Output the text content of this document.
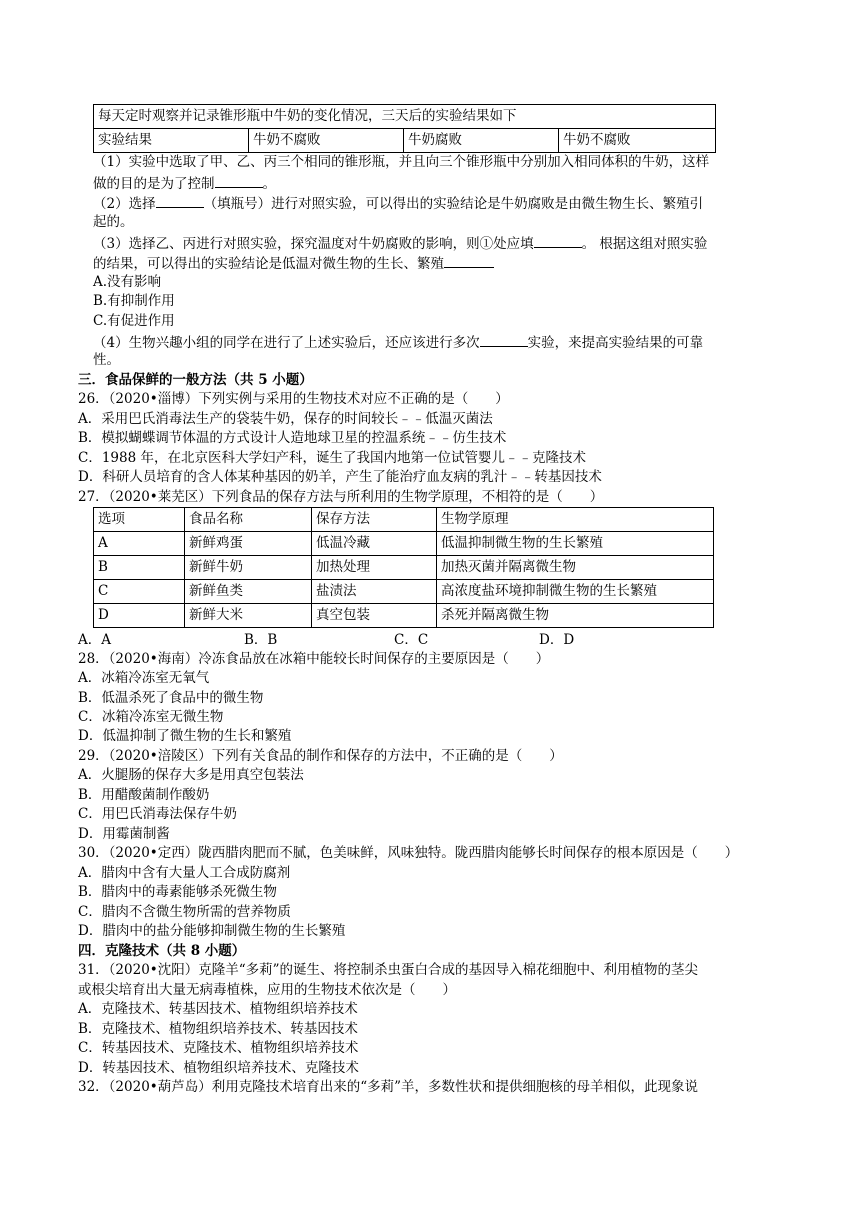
每天定时观察并记录锥形瓶中牛奶的变化情况，三天后的实验结果如下
实验结果	牛奶不腐败	牛奶腐败	牛奶不腐败
（1）实验中选取了甲、乙、丙三个相同的锥形瓶，并且向三个锥形瓶中分别加入相同体积的牛奶，这样
做的目的是为了控制	。
（2）选择	（填瓶号）进行对照实验，可以得出的实验结论是牛奶腐败是由微生物生长、繁殖引
起的。
（3）选择乙、丙进行对照实验，探究温度对牛奶腐败的影响，则①处应填	。 根据这组对照实验
的结果，可以得出的实验结论是低温对微生物的生长、繁殖
A.没有影响
B.有抑制作用
C.有促进作用
（4）生物兴趣小组的同学在进行了上述实验后，还应该进行多次	实验，来提高实验结果的可靠
性。
三．食品保鲜的一般方法（共 5 小题）
26．（2020•淄博）下列实例与采用的生物技术对应不正确的是（　　）
A．采用巴氏消毒法生产的袋装牛奶，保存的时间较长﹣﹣低温灭菌法
B．模拟蝴蝶调节体温的方式设计人造地球卫星的控温系统﹣﹣仿生技术
C．1988 年，在北京医科大学妇产科，诞生了我国内地第一位试管婴儿﹣﹣克隆技术
D．科研人员培育的含人体某种基因的奶羊，产生了能治疗血友病的乳汁﹣﹣转基因技术
27．（2020•莱芜区）下列食品的保存方法与所利用的生物学原理，不相符的是（　　）
选项	食品名称	保存方法	生物学原理
A	新鲜鸡蛋	低温冷藏	低温抑制微生物的生长繁殖
B	新鲜牛奶	加热处理	加热灭菌并隔离微生物
C	新鲜鱼类	盐渍法	高浓度盐环境抑制微生物的生长繁殖
D	新鲜大米	真空包装	杀死并隔离微生物
A．A	B．B	C．C	D．D
28．（2020•海南）冷冻食品放在冰箱中能较长时间保存的主要原因是（　　）
A．冰箱冷冻室无氧气
B．低温杀死了食品中的微生物
C．冰箱冷冻室无微生物
D．低温抑制了微生物的生长和繁殖
29．（2020•涪陵区）下列有关食品的制作和保存的方法中，不正确的是（　　）
A．火腿肠的保存大多是用真空包装法
B．用醋酸菌制作酸奶
C．用巴氏消毒法保存牛奶
D．用霉菌制酱
30．（2020•定西）陇西腊肉肥而不腻，色美味鲜，风味独特。陇西腊肉能够长时间保存的根本原因是（　　）
A．腊肉中含有大量人工合成防腐剂
B．腊肉中的毒素能够杀死微生物
C．腊肉不含微生物所需的营养物质
D．腊肉中的盐分能够抑制微生物的生长繁殖
四．克隆技术（共 8 小题）
31．（2020•沈阳）克隆羊“多莉”的诞生、将控制杀虫蛋白合成的基因导入棉花细胞中、利用植物的茎尖
或根尖培育出大量无病毒植株，应用的生物技术依次是（　　）
A．克隆技术、转基因技术、植物组织培养技术
B．克隆技术、植物组织培养技术、转基因技术
C．转基因技术、克隆技术、植物组织培养技术
D．转基因技术、植物组织培养技术、克隆技术
32．（2020•葫芦岛）利用克隆技术培育出来的“多莉”羊，多数性状和提供细胞核的母羊相似，此现象说
